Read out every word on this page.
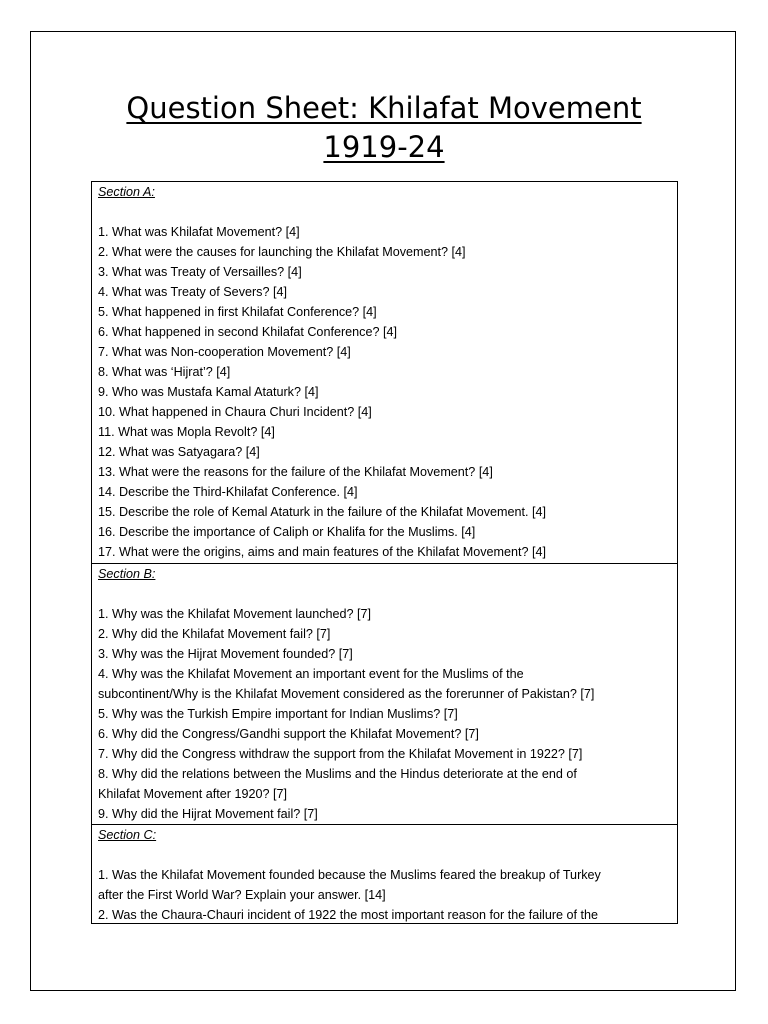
Question Sheet: Khilafat Movement
1919-24
Section A:
1. What was Khilafat Movement? [4]
2. What were the causes for launching the Khilafat Movement? [4]
3. What was Treaty of Versailles? [4]
4. What was Treaty of Severs? [4]
5. What happened in first Khilafat Conference? [4]
6. What happened in second Khilafat Conference? [4]
7. What was Non-cooperation Movement? [4]
8. What was ‘Hijrat’? [4]
9. Who was Mustafa Kamal Ataturk? [4]
10. What happened in Chaura Churi Incident? [4]
11. What was Mopla Revolt? [4]
12. What was Satyagara? [4]
13. What were the reasons for the failure of the Khilafat Movement? [4]
14. Describe the Third-Khilafat Conference. [4]
15. Describe the role of Kemal Ataturk in the failure of the Khilafat Movement. [4]
16. Describe the importance of Caliph or Khalifa for the Muslims. [4]
17. What were the origins, aims and main features of the Khilafat Movement? [4]
Section B:
1. Why was the Khilafat Movement launched? [7]
2. Why did the Khilafat Movement fail? [7]
3. Why was the Hijrat Movement founded? [7]
4. Why was the Khilafat Movement an important event for the Muslims of the
subcontinent/Why is the Khilafat Movement considered as the forerunner of Pakistan? [7]
5. Why was the Turkish Empire important for Indian Muslims? [7]
6. Why did the Congress/Gandhi support the Khilafat Movement? [7]
7. Why did the Congress withdraw the support from the Khilafat Movement in 1922? [7]
8. Why did the relations between the Muslims and the Hindus deteriorate at the end of
Khilafat Movement after 1920? [7]
9. Why did the Hijrat Movement fail? [7]
Section C:
1. Was the Khilafat Movement founded because the Muslims feared the breakup of Turkey
after the First World War? Explain your answer. [14]
2. Was the Chaura-Chauri incident of 1922 the most important reason for the failure of the
